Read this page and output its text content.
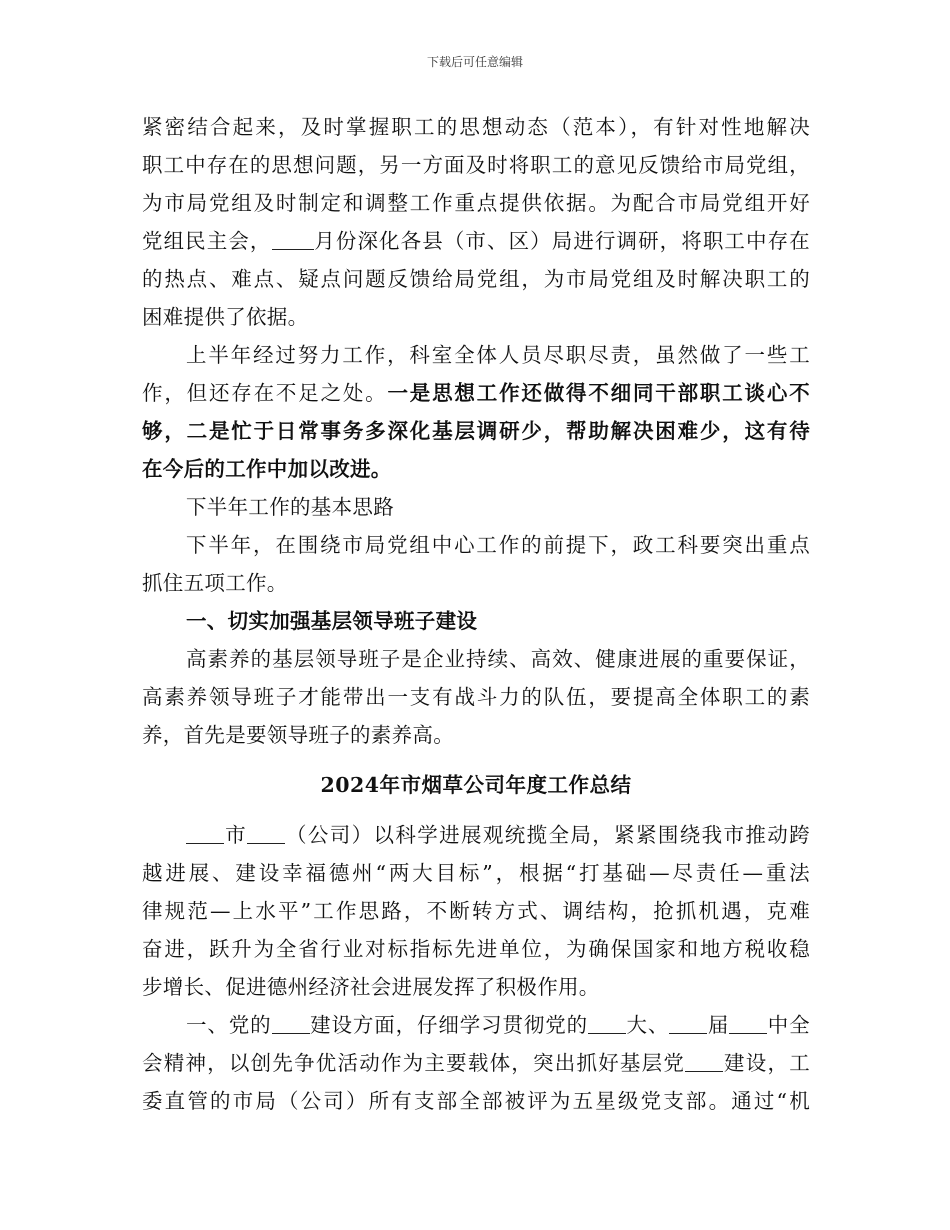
下载后可任意编辑
紧密结合起来，及时掌握职工的思想动态（范本），有针对性地解决
职工中存在的思想问题，另一方面及时将职工的意见反馈给市局党组，
为市局党组及时制定和调整工作重点提供依据。为配合市局党组开好
党组民主会， 月份深化各县（市、区）局进行调研，将职工中存在
的热点、难点、疑点问题反馈给局党组，为市局党组及时解决职工的
困难提供了依据。
上半年经过努力工作，科室全体人员尽职尽责，虽然做了一些工
作，但还存在不足之处。一是思想工作还做得不细同干部职工谈心不
够，二是忙于日常事务多深化基层调研少，帮助解决困难少，这有待
在今后的工作中加以改进。
下半年工作的基本思路
下半年，在围绕市局党组中心工作的前提下，政工科要突出重点
抓住五项工作。
一、切实加强基层领导班子建设
高素养的基层领导班子是企业持续、高效、健康进展的重要保证，
高素养领导班子才能带出一支有战斗力的队伍，要提高全体职工的素
养，首先是要领导班子的素养高。
2024年市烟草公司年度工作总结
市 （公司）以科学进展观统揽全局，紧紧围绕我市推动跨
越进展、建设幸福德州“两大目标”，根据“打基础—尽责任—重法
律规范—上水平”工作思路，不断转方式、调结构，抢抓机遇，克难
奋进，跃升为全省行业对标指标先进单位，为确保国家和地方税收稳
步增长、促进德州经济社会进展发挥了积极作用。
一、党的 建设方面，仔细学习贯彻党的 大、 届 中全
会精神，以创先争优活动作为主要载体，突出抓好基层党 建设，工
委直管的市局（公司）所有支部全部被评为五星级党支部。通过“机
